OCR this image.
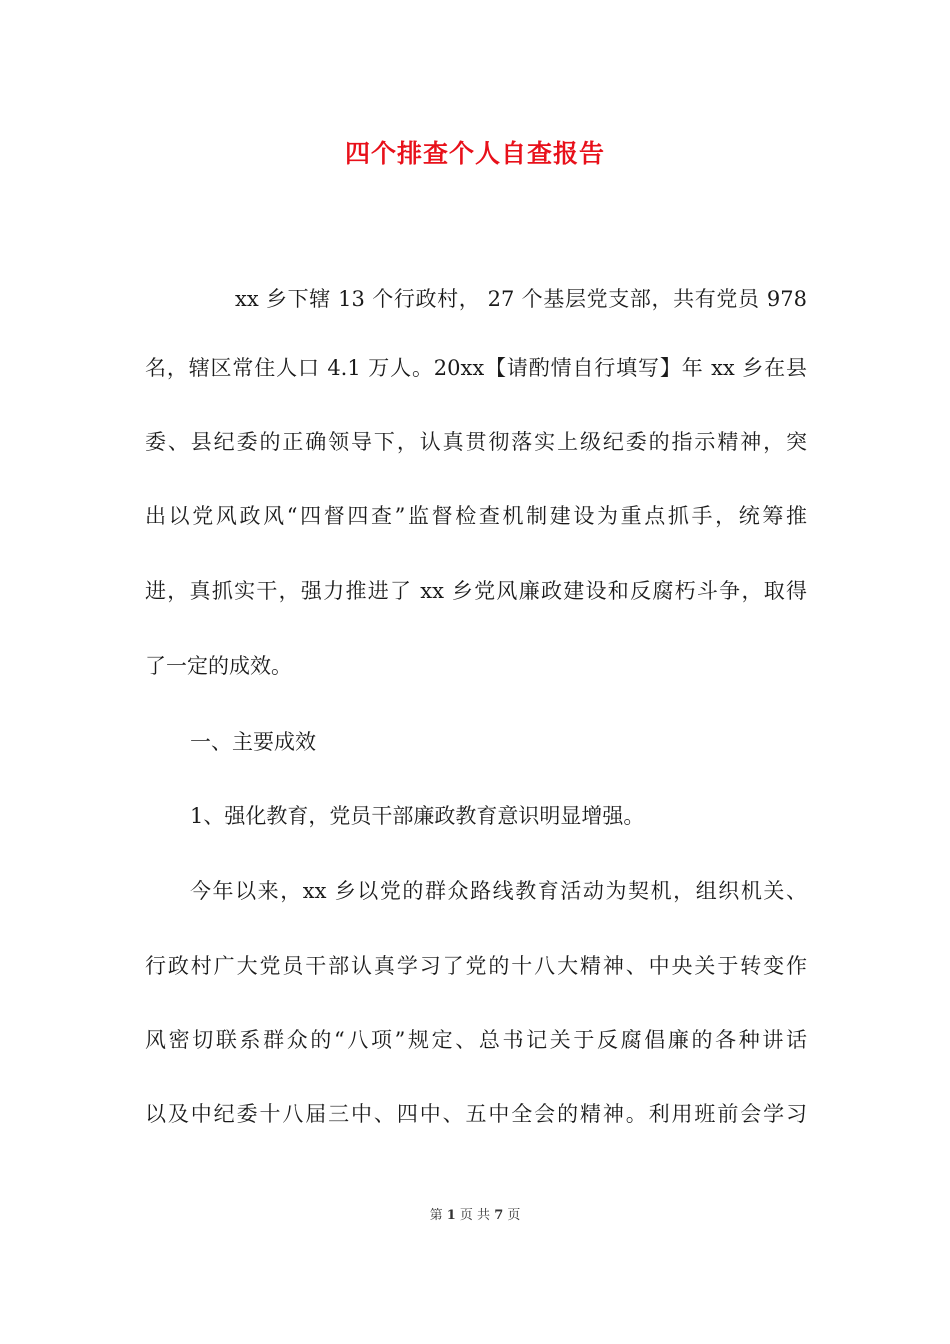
四个排查个人自查报告
xx 乡下辖 13 个行政村， 27 个基层党支部，共有党员 978
名，辖区常住人口 4.1 万人。20xx【请酌情自行填写】年 xx 乡在县
委、县纪委的正确领导下，认真贯彻落实上级纪委的指示精神，突
出以党风政风“四督四查”监督检查机制建设为重点抓手，统筹推
进，真抓实干，强力推进了 xx 乡党风廉政建设和反腐朽斗争，取得
了一定的成效。
一、主要成效
1、强化教育，党员干部廉政教育意识明显增强。
今年以来，xx 乡以党的群众路线教育活动为契机，组织机关、
行政村广大党员干部认真学习了党的十八大精神、中央关于转变作
风密切联系群众的“八项”规定、总书记关于反腐倡廉的各种讲话
以及中纪委十八届三中、四中、五中全会的精神。利用班前会学习
第 1 页 共 7 页
